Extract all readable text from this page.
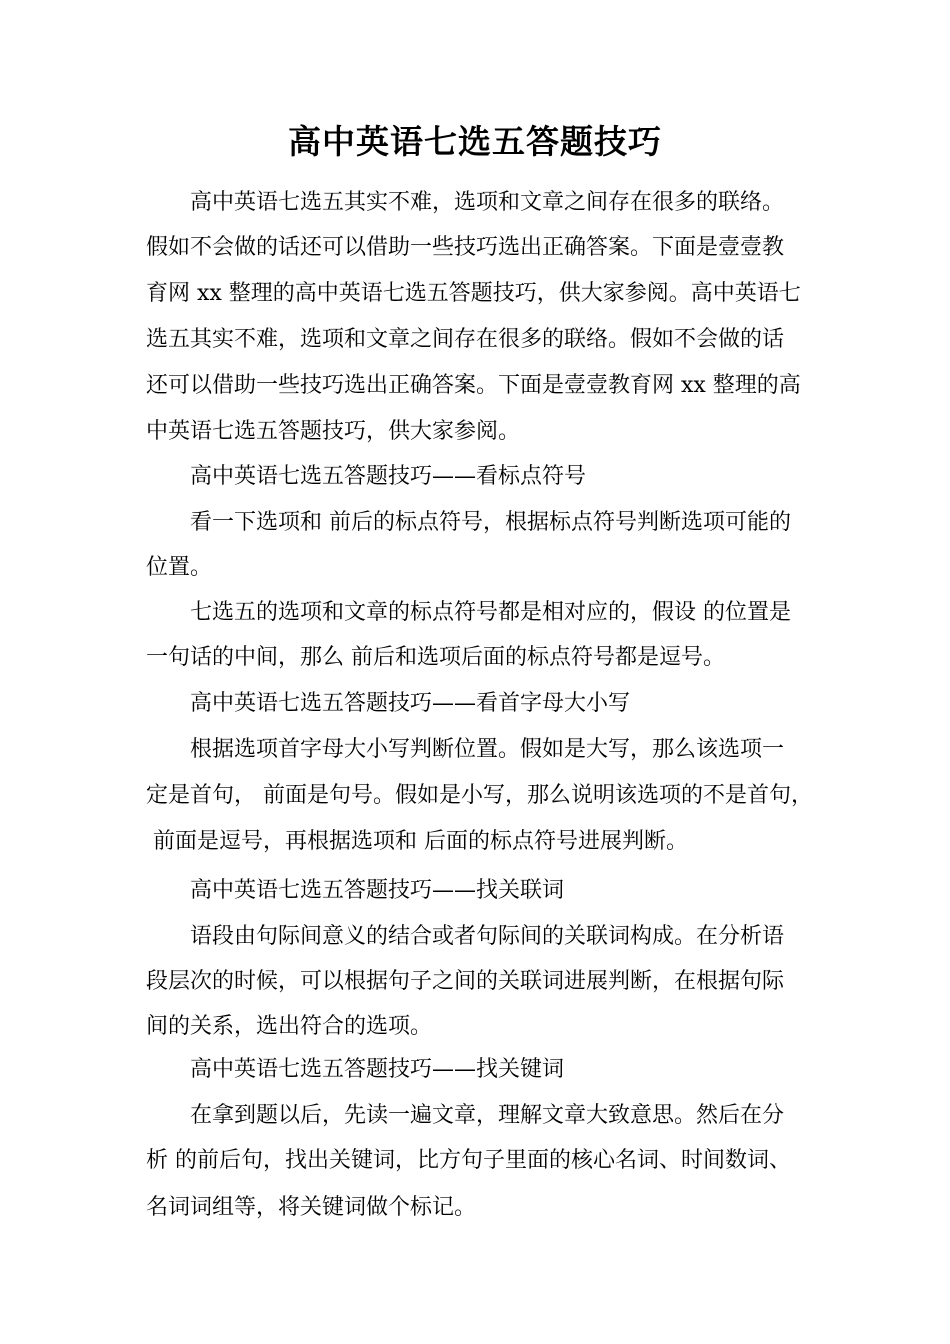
高中英语七选五答题技巧

高中英语七选五其实不难，选项和文章之间存在很多的联络。

假如不会做的话还可以借助一些技巧选出正确答案。下面是壹壹教

育网 xx 整理的高中英语七选五答题技巧，供大家参阅。高中英语七

选五其实不难，选项和文章之间存在很多的联络。假如不会做的话

还可以借助一些技巧选出正确答案。下面是壹壹教育网 xx 整理的高

中英语七选五答题技巧，供大家参阅。

高中英语七选五答题技巧——看标点符号

看一下选项和 前后的标点符号，根据标点符号判断选项可能的

位置。

七选五的选项和文章的标点符号都是相对应的，假设 的位置是

一句话的中间，那么 前后和选项后面的标点符号都是逗号。

高中英语七选五答题技巧——看首字母大小写

根据选项首字母大小写判断位置。假如是大写，那么该选项一

定是首句， 前面是句号。假如是小写，那么说明该选项的不是首句，

前面是逗号，再根据选项和 后面的标点符号进展判断。

高中英语七选五答题技巧——找关联词

语段由句际间意义的结合或者句际间的关联词构成。在分析语

段层次的时候，可以根据句子之间的关联词进展判断，在根据句际

间的关系，选出符合的选项。

高中英语七选五答题技巧——找关键词

在拿到题以后，先读一遍文章，理解文章大致意思。然后在分

析 的前后句，找出关键词，比方句子里面的核心名词、时间数词、

名词词组等，将关键词做个标记。
